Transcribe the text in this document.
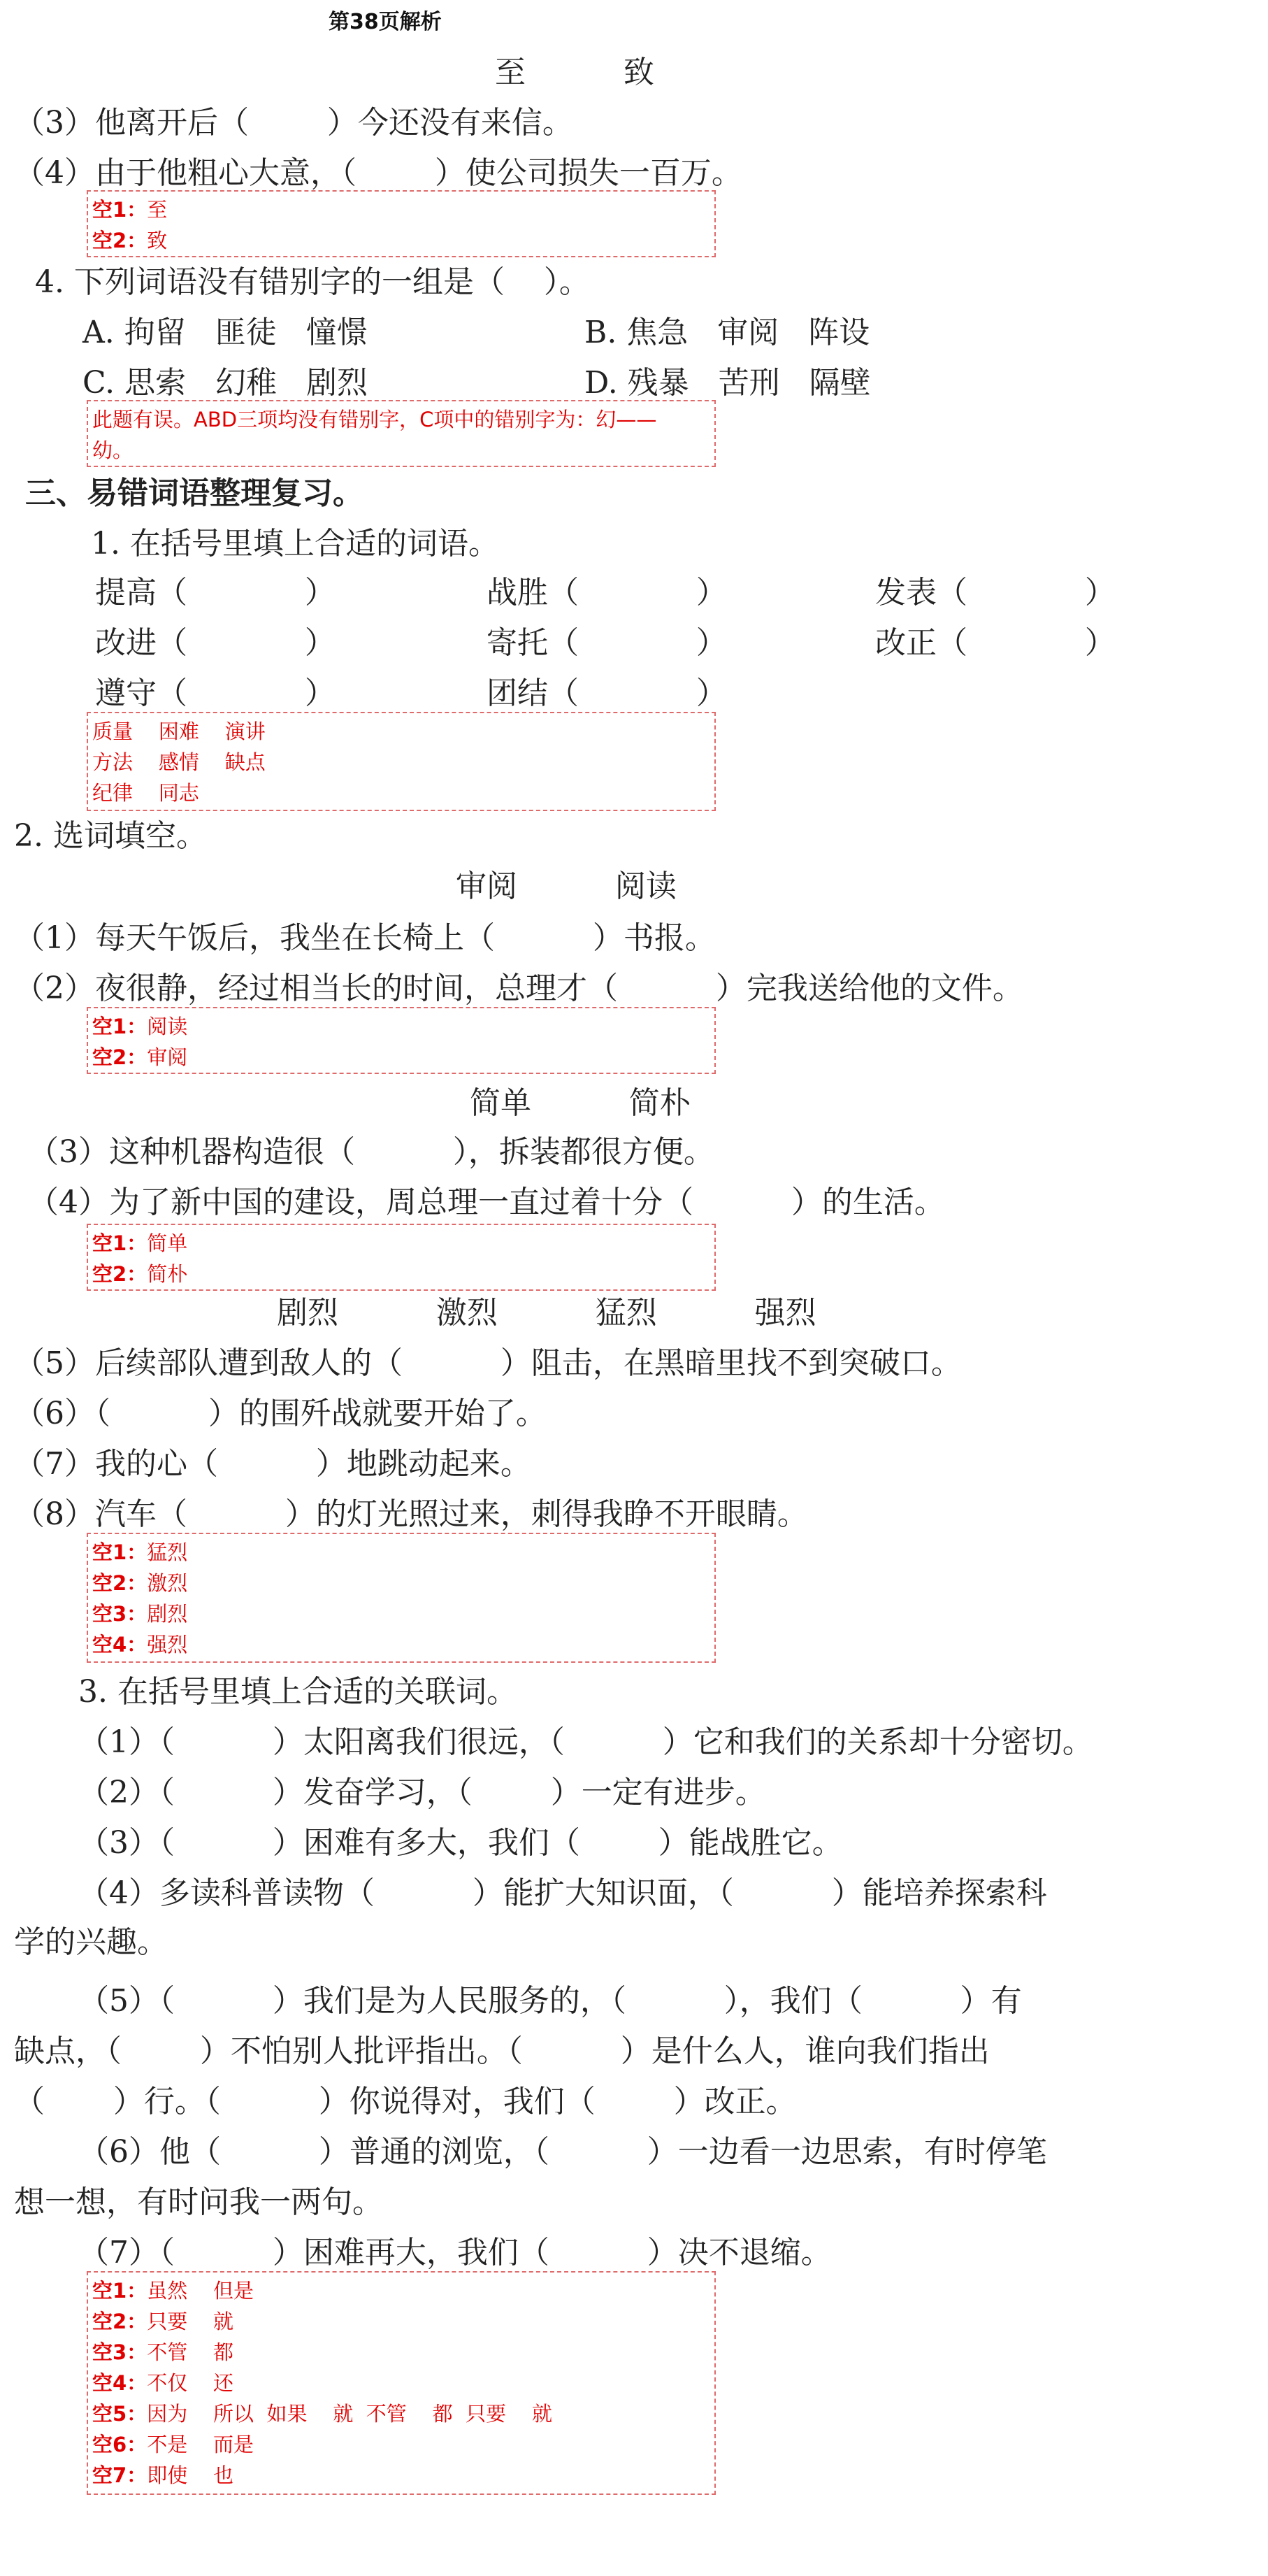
第38页解析
至          致
（3）他离开后（        ）今还没有来信。
（4）由于他粗心大意，（        ）使公司损失一百万。
4. 下列词语没有错别字的一组是（    ）。
A. 拘留   匪徒   憧憬	B. 焦急   审阅   阵设
C. 思索   幻稚   剧烈	D. 残暴   苦刑   隔壁
1. 在括号里填上合适的词语。
提高（            ）	战胜（            ）	发表（            ）
改进（            ）	寄托（            ）	改正（            ）
遵守（            ）	团结（            ）
审阅          阅读
（1）每天午饭后，我坐在长椅上（          ）书报。
（2）夜很静，经过相当长的时间，总理才（          ）完我送给他的文件。
简单          简朴
（3）这种机器构造很（          ），拆装都很方便。
（4）为了新中国的建设，周总理一直过着十分（          ）的生活。
剧烈          激烈          猛烈          强烈
（5）后续部队遭到敌人的（          ）阻击，在黑暗里找不到突破口。
（6）（          ）的围歼战就要开始了。
（7）我的心（          ）地跳动起来。
（8）汽车（          ）的灯光照过来，刺得我睁不开眼睛。
3. 在括号里填上合适的关联词。
（1）（          ）太阳离我们很远，（          ）它和我们的关系却十分密切。
（2）（          ）发奋学习，（        ）一定有进步。
（3）（          ）困难有多大，我们（        ）能战胜它。
（4）多读科普读物（          ）能扩大知识面，（          ）能培养探索科
学的兴趣。
（5）（          ）我们是为人民服务的，（          ），我们（          ）有
缺点，（        ）不怕别人批评指出。（          ）是什么人，谁向我们指出
（       ）行。（          ）你说得对，我们（        ）改正。
（6）他（          ）普通的浏览，（          ）一边看一边思索，有时停笔
想一想，有时问我一两句。
（7）（          ）困难再大，我们（          ）决不退缩。
三、易错词语整理复习。
2. 选词填空。
空1：至
空2：致
此题有误。ABD三项均没有错别字，C项中的错别字为：幻——
幼。
质量    困难    演讲
方法    感情    缺点
纪律    同志
空1：阅读
空2：审阅
空1：简单
空2：简朴
空1：猛烈
空2：激烈
空3：剧烈
空4：强烈
空1：虽然    但是
空2：只要    就
空3：不管    都
空4：不仅    还
空5：因为    所以  如果    就  不管    都  只要    就
空6：不是    而是
空7：即使    也
